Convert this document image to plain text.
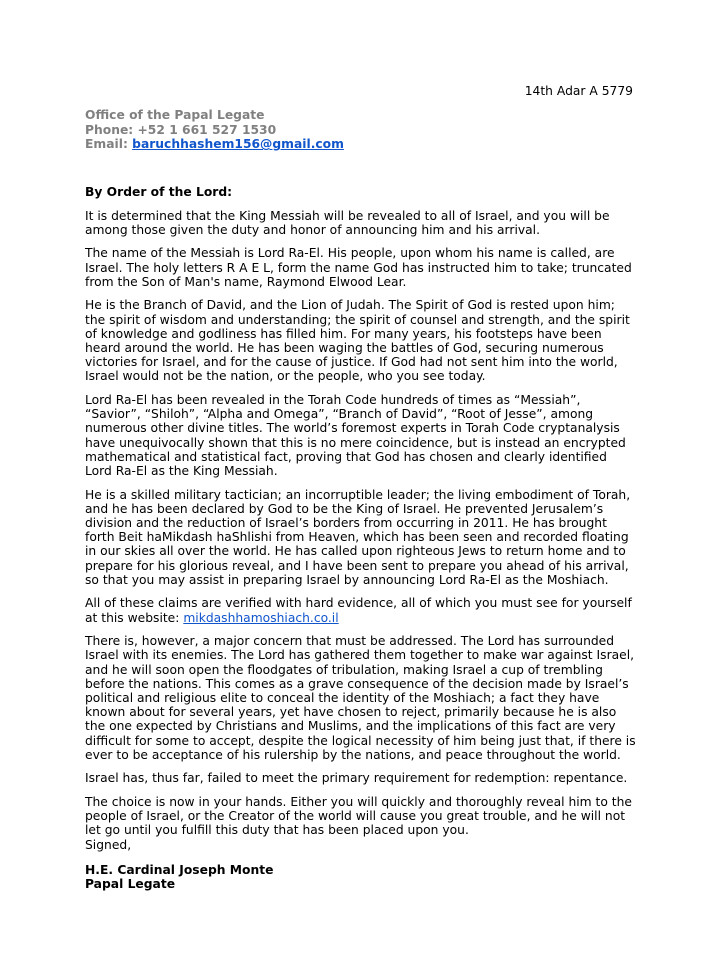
14th Adar A 5779
Office of the Papal Legate
Phone: +52 1 661 527 1530
Email: baruchhashem156@gmail.com

By Order of the Lord:

It is determined that the King Messiah will be revealed to all of Israel, and you will be among those given the duty and honor of announcing him and his arrival.

The name of the Messiah is Lord Ra-El. His people, upon whom his name is called, are Israel. The holy letters R A E L, form the name God has instructed him to take; truncated from the Son of Man's name, Raymond Elwood Lear.

He is the Branch of David, and the Lion of Judah. The Spirit of God is rested upon him; the spirit of wisdom and understanding; the spirit of counsel and strength, and the spirit of knowledge and godliness has filled him. For many years, his footsteps have been heard around the world. He has been waging the battles of God, securing numerous victories for Israel, and for the cause of justice. If God had not sent him into the world, Israel would not be the nation, or the people, who you see today.

Lord Ra-El has been revealed in the Torah Code hundreds of times as “Messiah”, “Savior”, “Shiloh”, “Alpha and Omega”, “Branch of David”, “Root of Jesse”, among numerous other divine titles. The world’s foremost experts in Torah Code cryptanalysis have unequivocally shown that this is no mere coincidence, but is instead an encrypted mathematical and statistical fact, proving that God has chosen and clearly identified Lord Ra-El as the King Messiah.

He is a skilled military tactician; an incorruptible leader; the living embodiment of Torah, and he has been declared by God to be the King of Israel. He prevented Jerusalem’s division and the reduction of Israel’s borders from occurring in 2011. He has brought forth Beit haMikdash haShlishi from Heaven, which has been seen and recorded floating in our skies all over the world. He has called upon righteous Jews to return home and to prepare for his glorious reveal, and I have been sent to prepare you ahead of his arrival, so that you may assist in preparing Israel by announcing Lord Ra-El as the Moshiach.

All of these claims are verified with hard evidence, all of which you must see for yourself at this website: mikdashhamoshiach.co.il

There is, however, a major concern that must be addressed. The Lord has surrounded Israel with its enemies. The Lord has gathered them together to make war against Israel, and he will soon open the floodgates of tribulation, making Israel a cup of trembling before the nations. This comes as a grave consequence of the decision made by Israel’s political and religious elite to conceal the identity of the Moshiach; a fact they have known about for several years, yet have chosen to reject, primarily because he is also the one expected by Christians and Muslims, and the implications of this fact are very difficult for some to accept, despite the logical necessity of him being just that, if there is ever to be acceptance of his rulership by the nations, and peace throughout the world.

Israel has, thus far, failed to meet the primary requirement for redemption: repentance.

The choice is now in your hands. Either you will quickly and thoroughly reveal him to the people of Israel, or the Creator of the world will cause you great trouble, and he will not let go until you fulfill this duty that has been placed upon you.

Signed,
H.E. Cardinal Joseph Monte
Papal Legate
